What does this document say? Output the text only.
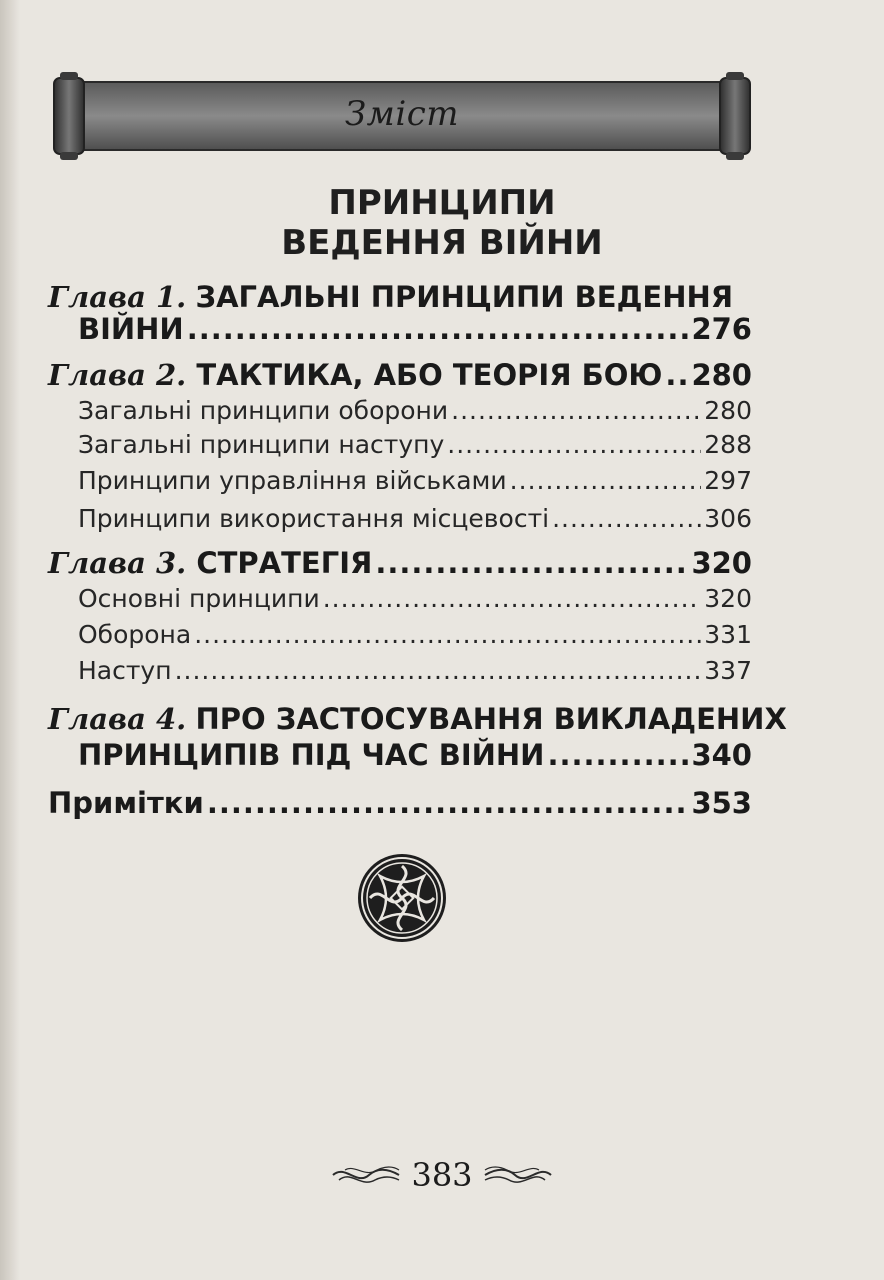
Зміст
ПРИНЦИПИ
ВЕДЕННЯ ВІЙНИ
Глава 1. ЗАГАЛЬНІ ПРИНЦИПИ ВЕДЕННЯ
ВІЙНИ .....	276
Глава 2. ТАКТИКА, АБО ТЕОРІЯ БОЮ ..... 280
Загальні принципи оборони .....	280
Загальні принципи наступу .....	288
Принципи управління військами .....	297
Принципи використання місцевості .....	306
Глава 3. СТРАТЕГІЯ .....	320
Основні принципи .....	320
Оборона .....	331
Наступ .....	337
Глава 4. ПРО ЗАСТОСУВАННЯ ВИКЛАДЕНИХ
ПРИНЦИПІВ ПІД ЧАС ВІЙНИ .....	340
Примітки .....	353
383
